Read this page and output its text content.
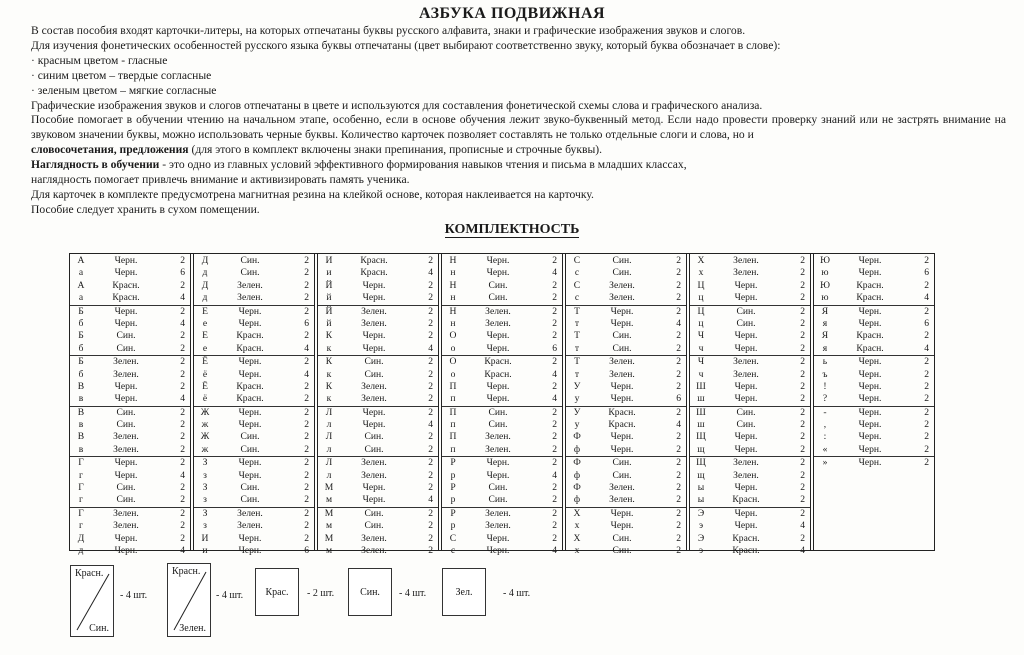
АЗБУКА ПОДВИЖНАЯ
В состав пособия входят карточки-литеры, на которых отпечатаны буквы русского алфавита, знаки и графические изображения звуков и слогов.
Для изучения фонетических особенностей русского языка буквы отпечатаны (цвет выбирают соответственно звуку, который буква обозначает в слове):
· красным цветом - гласные
· синим цветом – твердые согласные
· зеленым цветом – мягкие согласные
Графические изображения звуков и слогов отпечатаны в цвете и используются для составления фонетической схемы слова и графического анализа.
Пособие помогает в обучении чтению на начальном этапе, особенно, если в основе обучения лежит звуко-буквенный метод. Если надо провести проверку знаний или не застрять внимание на звуковом значении буквы, можно использовать черные буквы. Количество карточек позволяет составлять не только отдельные слоги и слова, но и
словосочетания, предложения (для этого в комплект включены знаки препинания, прописные и строчные буквы).
Наглядность в обучении - это одно из главных условий эффективного формирования навыков чтения и письма в младших классах,
наглядность помогает привлечь внимание и активизировать память ученика.
Для карточек в комплекте предусмотрена магнитная резина на клейкой основе, которая наклеивается на карточку.
Пособие следует хранить в сухом помещении.
КОМПЛЕКТНОСТЬ
А	Черн.	2
а	Черн.	6
А	Красн.	2
а	Красн.	4
Б	Черн.	2
б	Черн.	4
Б	Син.	2
б	Син.	2
Б	Зелен.	2
б	Зелен.	2
В	Черн.	2
в	Черн.	4
В	Син.	2
в	Син.	2
В	Зелен.	2
в	Зелен.	2
Г	Черн.	2
г	Черн.	4
Г	Син.	2
г	Син.	2
Г	Зелен.	2
г	Зелен.	2
Д	Черн.	2
д	Черн.	4
Д	Син.	2
д	Син.	2
Д	Зелен.	2
д	Зелен.	2
Е	Черн.	2
е	Черн.	6
Е	Красн.	2
е	Красн.	4
Ё	Черн.	2
ё	Черн.	4
Ё	Красн.	2
ё	Красн.	2
Ж	Черн.	2
ж	Черн.	2
Ж	Син.	2
ж	Син.	2
З	Черн.	2
з	Черн.	2
З	Син.	2
з	Син.	2
З	Зелен.	2
з	Зелен.	2
И	Черн.	2
и	Черн.	6
И	Красн.	2
и	Красн.	4
Й	Черн.	2
й	Черн.	2
Й	Зелен.	2
й	Зелен.	2
К	Черн.	2
к	Черн.	4
К	Син.	2
к	Син.	2
К	Зелен.	2
к	Зелен.	2
Л	Черн.	2
л	Черн.	4
Л	Син.	2
л	Син.	2
Л	Зелен.	2
л	Зелен.	2
М	Черн.	2
м	Черн.	4
М	Син.	2
м	Син.	2
М	Зелен.	2
м	Зелен.	2
Н	Черн.	2
н	Черн.	4
Н	Син.	2
н	Син.	2
Н	Зелен.	2
н	Зелен.	2
О	Черн.	2
о	Черн.	6
О	Красн.	2
о	Красн.	4
П	Черн.	2
п	Черн.	4
П	Син.	2
п	Син.	2
П	Зелен.	2
п	Зелен.	2
Р	Черн.	2
р	Черн.	4
Р	Син.	2
р	Син.	2
Р	Зелен.	2
р	Зелен.	2
С	Черн.	2
с	Черн.	4
С	Син.	2
с	Син.	2
С	Зелен.	2
с	Зелен.	2
Т	Черн.	2
т	Черн.	4
Т	Син.	2
т	Син.	2
Т	Зелен.	2
т	Зелен.	2
У	Черн.	2
у	Черн.	6
У	Красн.	2
у	Красн.	4
Ф	Черн.	2
ф	Черн.	2
Ф	Син.	2
ф	Син.	2
Ф	Зелен.	2
ф	Зелен.	2
Х	Черн.	2
х	Черн.	2
Х	Син.	2
х	Син.	2
Х	Зелен.	2
х	Зелен.	2
Ц	Черн.	2
ц	Черн.	2
Ц	Син.	2
ц	Син.	2
Ч	Черн.	2
ч	Черн.	2
Ч	Зелен.	2
ч	Зелен.	2
Ш	Черн.	2
ш	Черн.	2
Ш	Син.	2
ш	Син.	2
Щ	Черн.	2
щ	Черн.	2
Щ	Зелен.	2
щ	Зелен.	2
ы	Черн.	2
ы	Красн.	2
Э	Черн.	2
э	Черн.	4
Э	Красн.	2
э	Красн.	4
Ю	Черн.	2
ю	Черн.	6
Ю	Красн.	2
ю	Красн.	4
Я	Черн.	2
я	Черн.	6
Я	Красн.	2
я	Красн.	4
ь	Черн.	2
ъ	Черн.	2
!	Черн.	2
?	Черн.	2
-	Черн.	2
,	Черн.	2
:	Черн.	2
«	Черн.	2
»	Черн.	2
Красн.
Син.
- 4 шт.
Красн.
Зелен.
- 4 шт.	Крас.	- 2 шт.	Син.	- 4 шт.	Зел.	- 4 шт.
